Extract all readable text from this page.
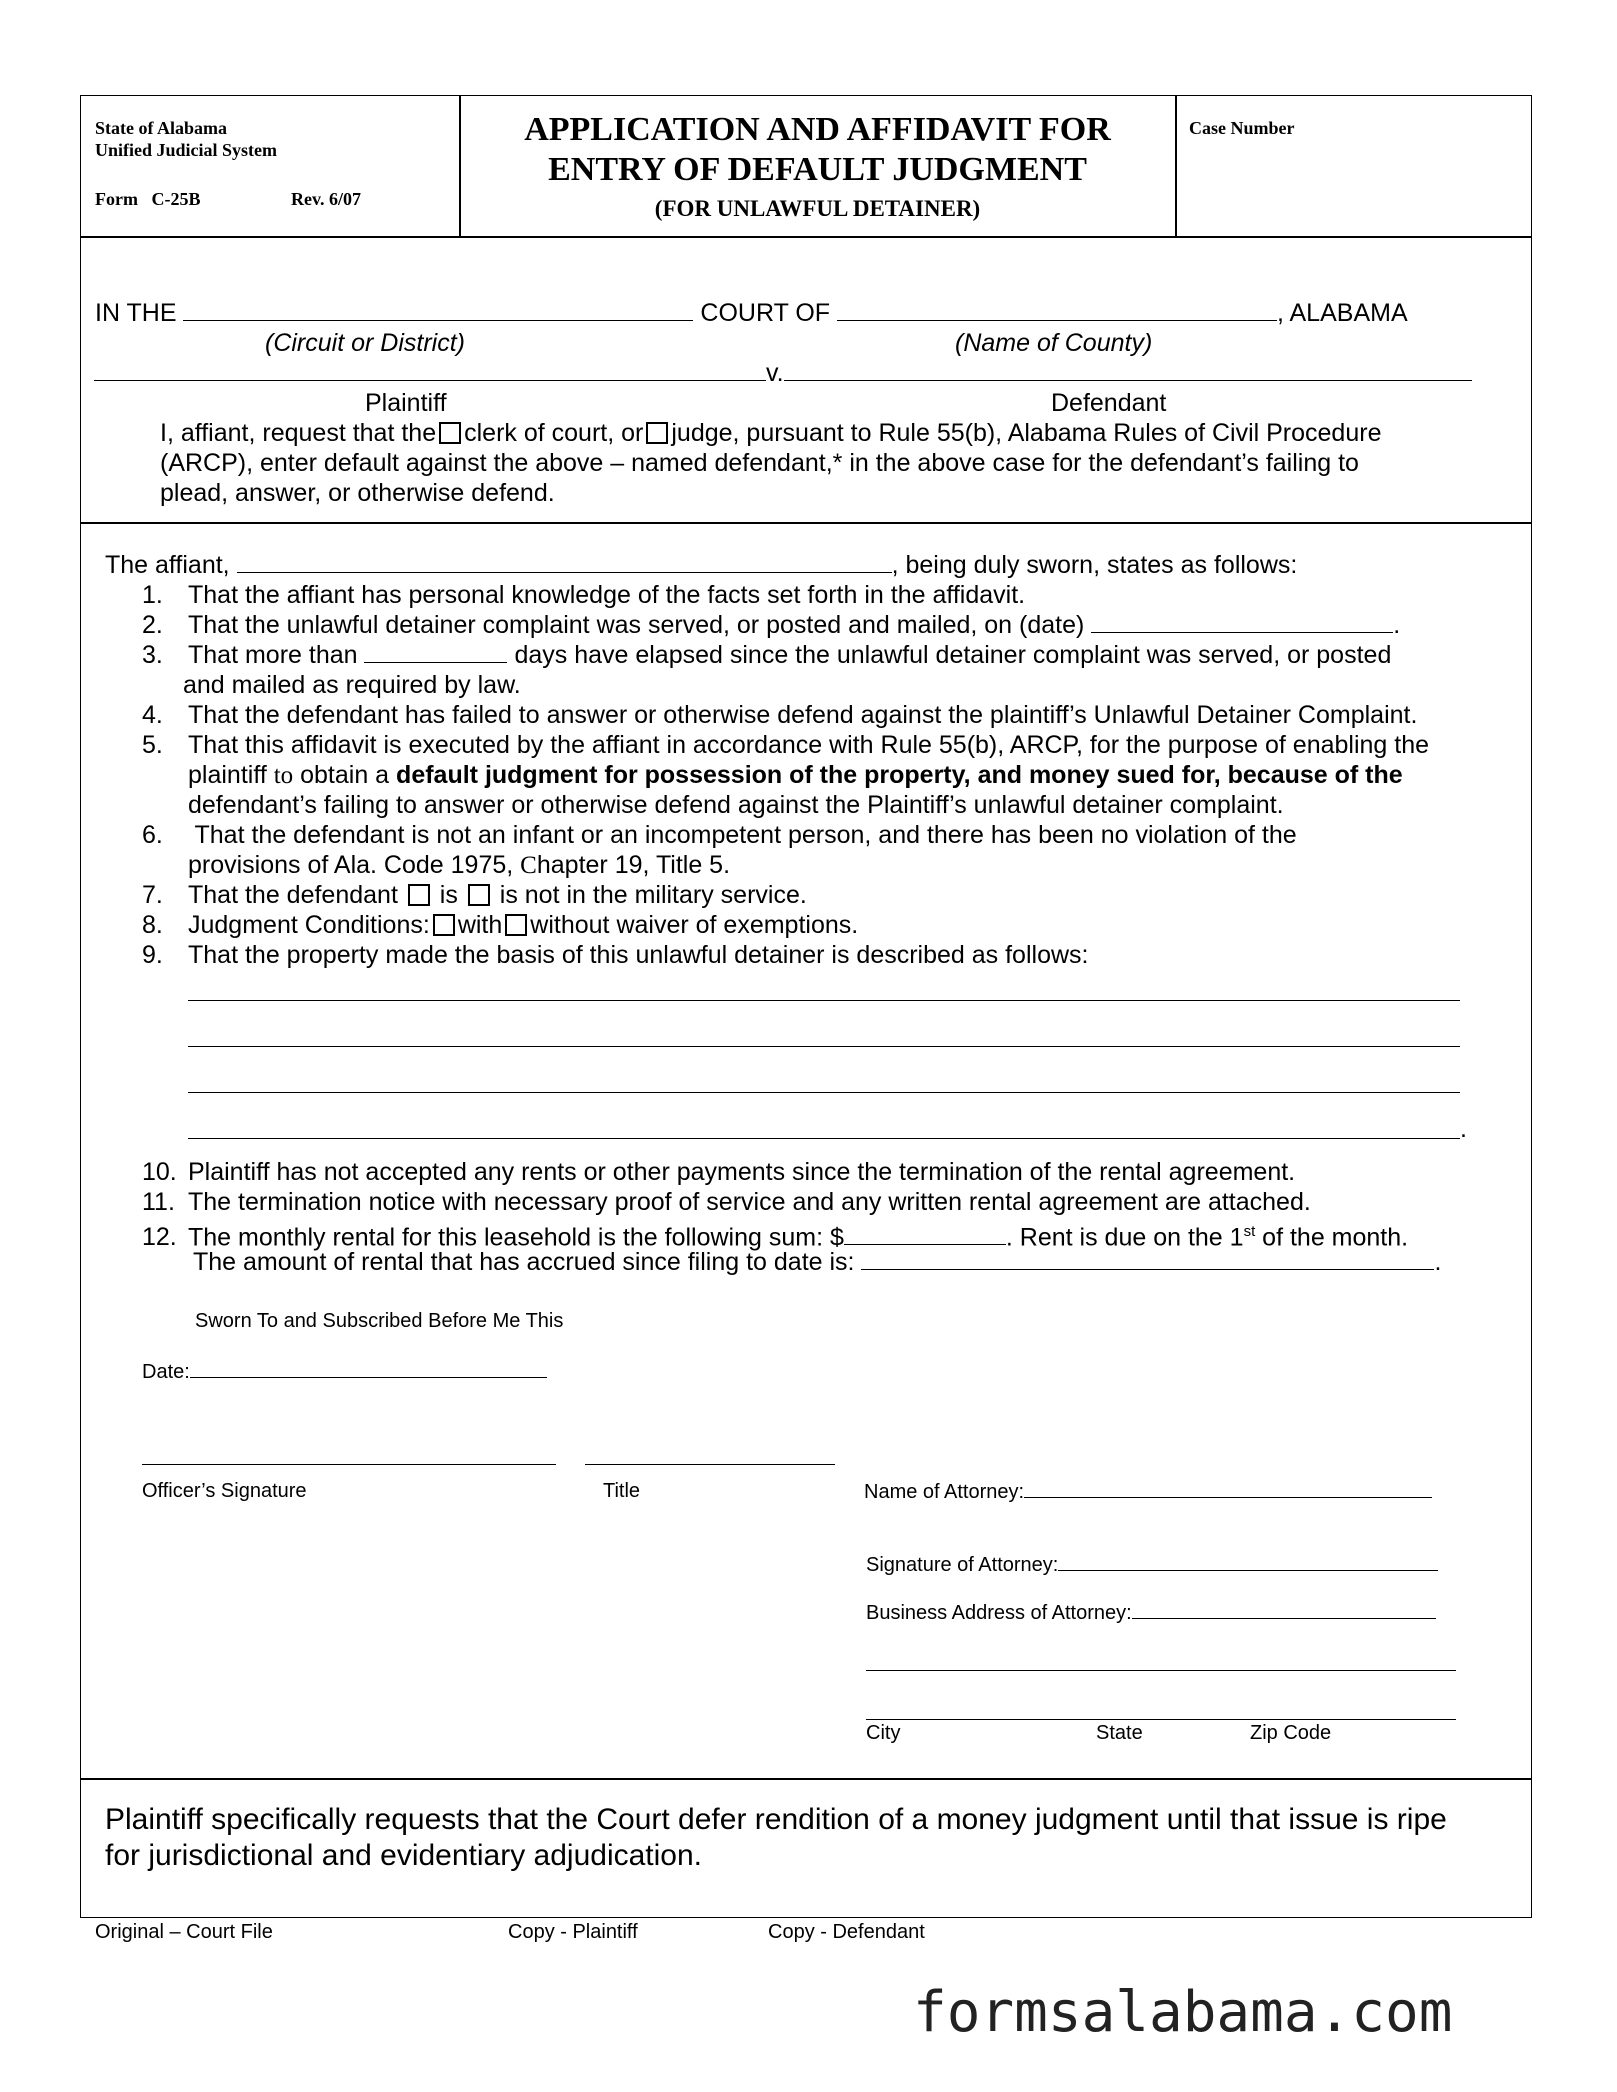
State of Alabama
Unified Judicial System
Form   C-25B	Rev. 6/07
APPLICATION AND AFFIDAVIT FOR
ENTRY OF DEFAULT JUDGMENT
(FOR UNLAWFUL DETAINER)
Case Number
IN THE	COURT OF	, ALABAMA
(Circuit or District)	(Name of County)
v.
Plaintiff	Defendant
I, affiant, request that the clerk of court, or judge, pursuant to Rule 55(b), Alabama Rules of Civil Procedure
(ARCP), enter default against the above – named defendant,* in the above case for the defendant’s failing to
plead, answer, or otherwise defend.
The affiant,	, being duly sworn, states as follows:
1. That the affiant has personal knowledge of the facts set forth in the affidavit.
2. That the unlawful detainer complaint was served, or posted and mailed, on (date)	.
3. That more than	days have elapsed since the unlawful detainer complaint was served, or posted
and mailed as required by law.
4. That the defendant has failed to answer or otherwise defend against the plaintiff’s Unlawful Detainer Complaint.
5. That this affidavit is executed by the affiant in accordance with Rule 55(b), ARCP, for the purpose of enabling the
plaintiff to obtain a default judgment for possession of the property, and money sued for, because of the
defendant’s failing to answer or otherwise defend against the Plaintiff’s unlawful detainer complaint.
6. That the defendant is not an infant or an incompetent person, and there has been no violation of the
provisions of Ala. Code 1975, Chapter 19, Title 5.
7. That the defendant is is not in the military service.
8. Judgment Conditions: with without waiver of exemptions.
9. That the property made the basis of this unlawful detainer is described as follows:
.
10. Plaintiff has not accepted any rents or other payments since the termination of the rental agreement.
11. The termination notice with necessary proof of service and any written rental agreement are attached.
12. The monthly rental for this leasehold is the following sum: $	. Rent is due on the 1st of the month.
The amount of rental that has accrued since filing to date is:	.
Sworn To and Subscribed Before Me This
Date:
Officer’s Signature	Title	Name of Attorney:
Signature of Attorney:
Business Address of Attorney:
City	State	Zip Code
Plaintiff specifically requests that the Court defer rendition of a money judgment until that issue is ripe
for jurisdictional and evidentiary adjudication.
Original – Court File	Copy - Plaintiff	Copy - Defendant
formsalabama.com
